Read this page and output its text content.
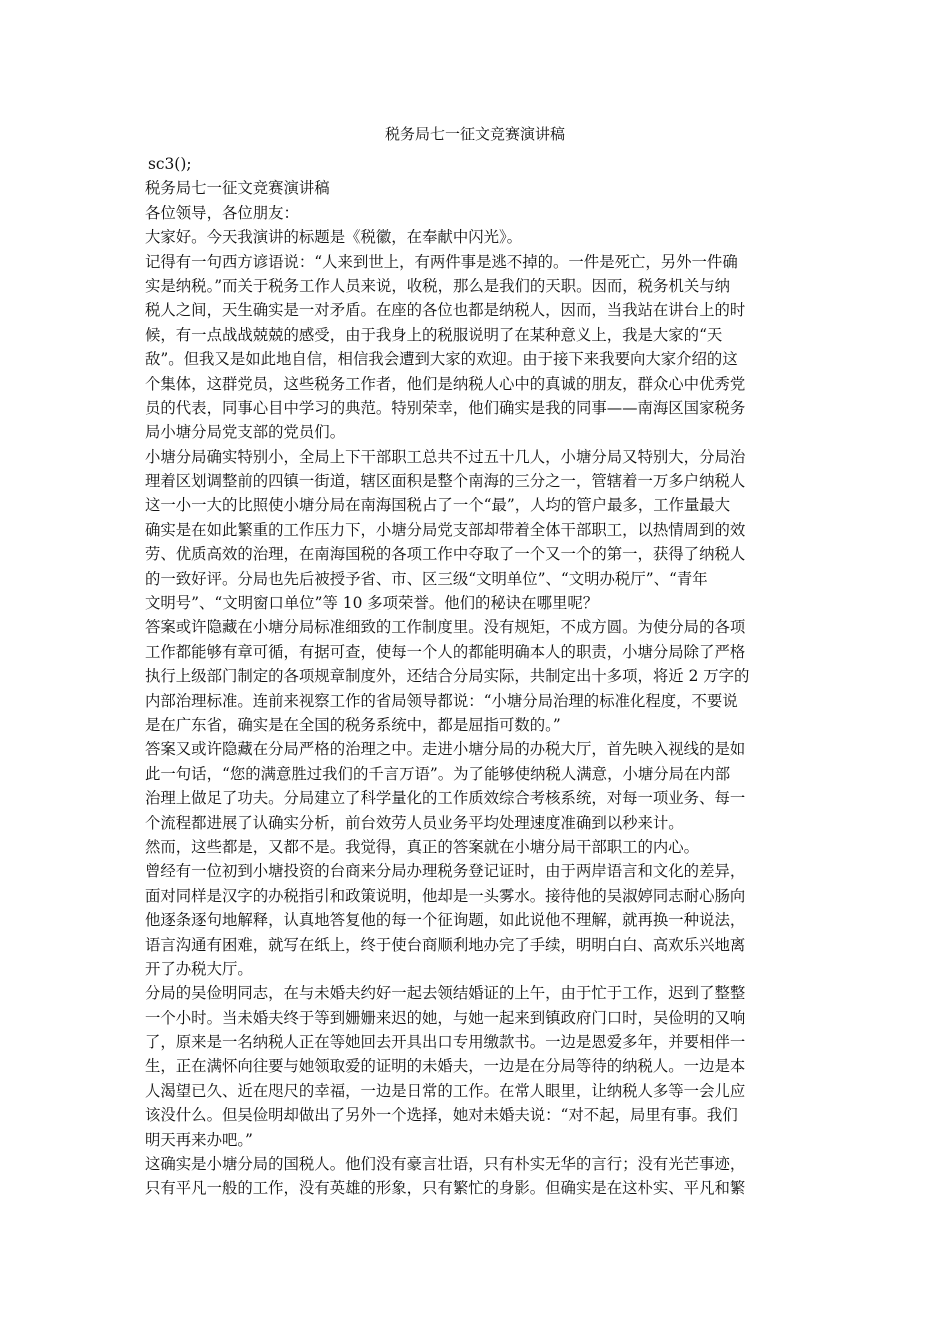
税务局七一征文竞赛演讲稿
sc3();
税务局七一征文竞赛演讲稿
各位领导，各位朋友：
大家好。今天我演讲的标题是《税徽，在奉献中闪光》。
记得有一句西方谚语说：“人来到世上，有两件事是逃不掉的。一件是死亡，另外一件确
实是纳税。”而关于税务工作人员来说，收税，那么是我们的天职。因而，税务机关与纳
税人之间，天生确实是一对矛盾。在座的各位也都是纳税人，因而，当我站在讲台上的时
候，有一点战战兢兢的感受，由于我身上的税服说明了在某种意义上，我是大家的“天
敌”。但我又是如此地自信，相信我会遭到大家的欢迎。由于接下来我要向大家介绍的这
个集体，这群党员，这些税务工作者，他们是纳税人心中的真诚的朋友，群众心中优秀党
员的代表，同事心目中学习的典范。特别荣幸，他们确实是我的同事——南海区国家税务
局小塘分局党支部的党员们。
小塘分局确实特别小，全局上下干部职工总共不过五十几人，小塘分局又特别大，分局治
理着区划调整前的四镇一街道，辖区面积是整个南海的三分之一，管辖着一万多户纳税人
这一小一大的比照使小塘分局在南海国税占了一个“最”，人均的管户最多，工作量最大
确实是在如此繁重的工作压力下，小塘分局党支部却带着全体干部职工，以热情周到的效
劳、优质高效的治理，在南海国税的各项工作中夺取了一个又一个的第一，获得了纳税人
的一致好评。分局也先后被授予省、市、区三级“文明单位”、“文明办税厅”、“青年
文明号”、“文明窗口单位”等 10 多项荣誉。他们的秘诀在哪里呢？
答案或许隐藏在小塘分局标准细致的工作制度里。没有规矩，不成方圆。为使分局的各项
工作都能够有章可循，有据可查，使每一个人的都能明确本人的职责，小塘分局除了严格
执行上级部门制定的各项规章制度外，还结合分局实际，共制定出十多项，将近 2 万字的
内部治理标准。连前来视察工作的省局领导都说：“小塘分局治理的标准化程度，不要说
是在广东省，确实是在全国的税务系统中，都是屈指可数的。”
答案又或许隐藏在分局严格的治理之中。走进小塘分局的办税大厅，首先映入视线的是如
此一句话，“您的满意胜过我们的千言万语”。为了能够使纳税人满意，小塘分局在内部
治理上做足了功夫。分局建立了科学量化的工作质效综合考核系统，对每一项业务、每一
个流程都进展了认确实分析，前台效劳人员业务平均处理速度准确到以秒来计。
然而，这些都是，又都不是。我觉得，真正的答案就在小塘分局干部职工的内心。
曾经有一位初到小塘投资的台商来分局办理税务登记证时，由于两岸语言和文化的差异，
面对同样是汉字的办税指引和政策说明，他却是一头雾水。接待他的吴淑婷同志耐心肠向
他逐条逐句地解释，认真地答复他的每一个征询题，如此说他不理解，就再换一种说法，
语言沟通有困难，就写在纸上，终于使台商顺利地办完了手续，明明白白、高欢乐兴地离
开了办税大厅。
分局的吴俭明同志，在与未婚夫约好一起去领结婚证的上午，由于忙于工作，迟到了整整
一个小时。当未婚夫终于等到姗姗来迟的她，与她一起来到镇政府门口时，吴俭明的又响
了，原来是一名纳税人正在等她回去开具出口专用缴款书。一边是恩爱多年，并要相伴一
生，正在满怀向往要与她领取爱的证明的未婚夫，一边是在分局等待的纳税人。一边是本
人渴望已久、近在咫尺的幸福，一边是日常的工作。在常人眼里，让纳税人多等一会儿应
该没什么。但吴俭明却做出了另外一个选择，她对未婚夫说：“对不起，局里有事。我们
明天再来办吧。”
这确实是小塘分局的国税人。他们没有豪言壮语，只有朴实无华的言行；没有光芒事迹，
只有平凡一般的工作，没有英雄的形象，只有繁忙的身影。但确实是在这朴实、平凡和繁
